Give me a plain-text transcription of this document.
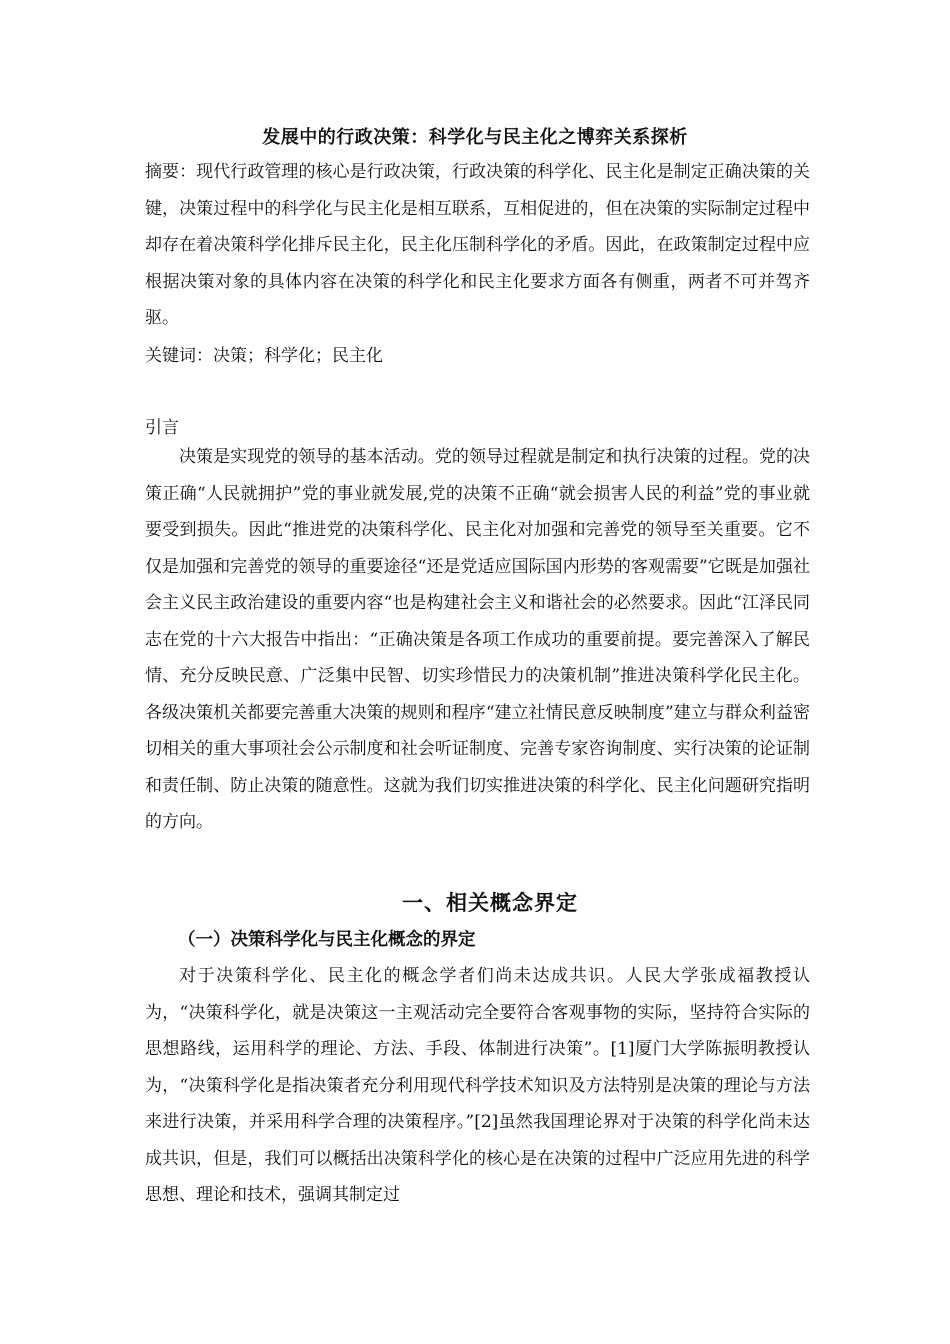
发展中的行政决策：科学化与民主化之博弈关系探析

摘要：现代行政管理的核心是行政决策，行政决策的科学化、民主化是制定正确决策的关键，决策过程中的科学化与民主化是相互联系，互相促进的，但在决策的实际制定过程中却存在着决策科学化排斥民主化，民主化压制科学化的矛盾。因此，在政策制定过程中应根据决策对象的具体内容在决策的科学化和民主化要求方面各有侧重，两者不可并驾齐驱。

关键词：决策；科学化；民主化
引言

决策是实现党的领导的基本活动。党的领导过程就是制定和执行决策的过程。党的决策正确“人民就拥护”党的事业就发展,党的决策不正确“就会损害人民的利益”党的事业就要受到损失。因此“推进党的决策科学化、民主化对加强和完善党的领导至关重要。它不仅是加强和完善党的领导的重要途径“还是党适应国际国内形势的客观需要”它既是加强社会主义民主政治建设的重要内容“也是构建社会主义和谐社会的必然要求。因此“江泽民同志在党的十六大报告中指出：“正确决策是各项工作成功的重要前提。要完善深入了解民情、充分反映民意、广泛集中民智、切实珍惜民力的决策机制”推进决策科学化民主化。各级决策机关都要完善重大决策的规则和程序“建立社情民意反映制度”建立与群众利益密切相关的重大事项社会公示制度和社会听证制度、完善专家咨询制度、实行决策的论证制和责任制、防止决策的随意性。这就为我们切实推进决策的科学化、民主化问题研究指明的方向。

一、相关概念界定
（一）决策科学化与民主化概念的界定

对于决策科学化、民主化的概念学者们尚未达成共识。人民大学张成福教授认为，“决策科学化，就是决策这一主观活动完全要符合客观事物的实际，坚持符合实际的思想路线，运用科学的理论、方法、手段、体制进行决策”。[1]厦门大学陈振明教授认为，“决策科学化是指决策者充分利用现代科学技术知识及方法特别是决策的理论与方法来进行决策，并采用科学合理的决策程序。”[2]虽然我国理论界对于决策的科学化尚未达成共识，但是，我们可以概括出决策科学化的核心是在决策的过程中广泛应用先进的科学思想、理论和技术，强调其制定过
